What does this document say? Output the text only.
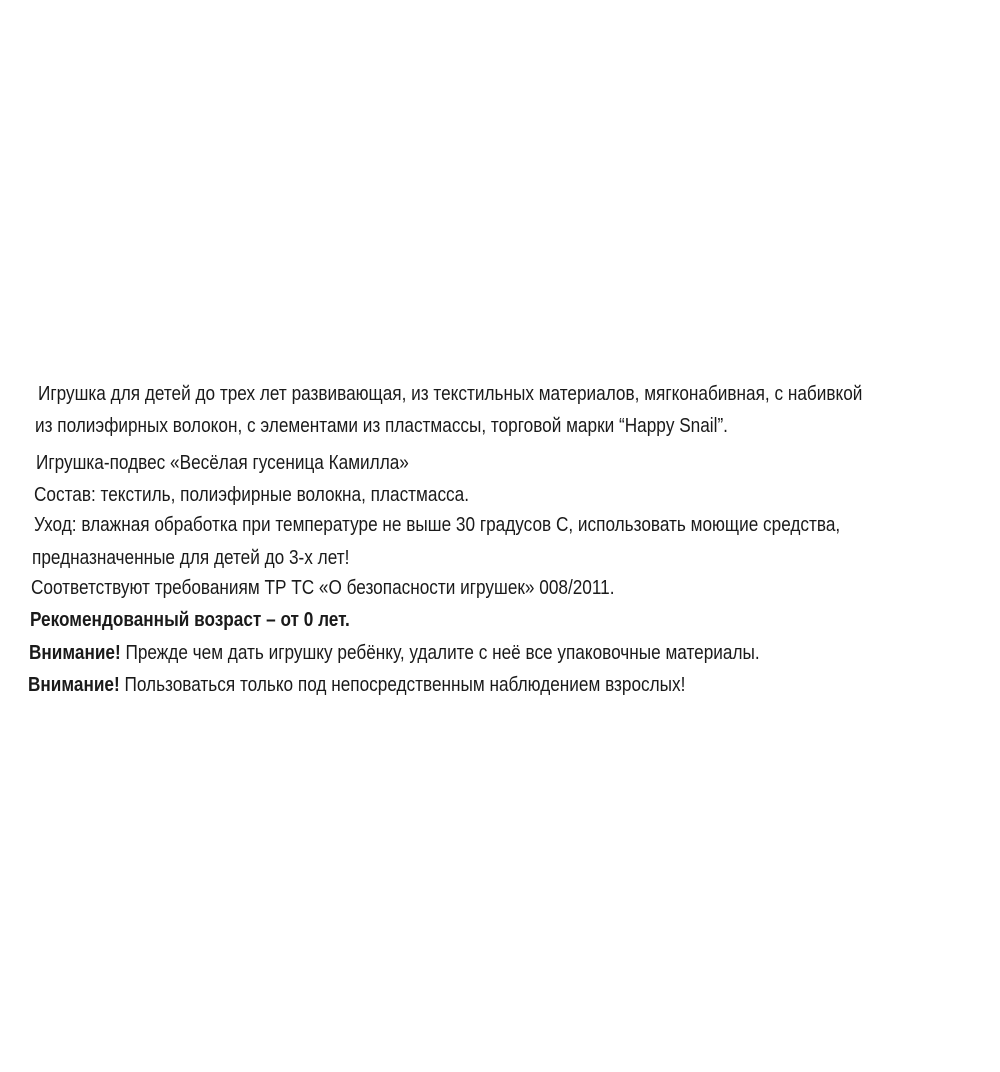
Игрушка для детей до трех лет развивающая, из текстильных материалов, мягконабивная, с набивкой

из полиэфирных волокон, с элементами из пластмассы, торговой марки “Happy Snail”.

Игрушка-подвес «Весёлая гусеница Камилла»

Состав: текстиль, полиэфирные волокна, пластмасса.

Уход: влажная обработка при температуре не выше 30 градусов С, использовать моющие средства,

предназначенные для детей до 3-х лет!

Соответствуют требованиям ТР ТС «О безопасности игрушек» 008/2011.

Рекомендованный возраст – от 0 лет.

Внимание! Прежде чем дать игрушку ребёнку, удалите с неё все упаковочные материалы.

Внимание! Пользоваться только под непосредственным наблюдением взрослых!
